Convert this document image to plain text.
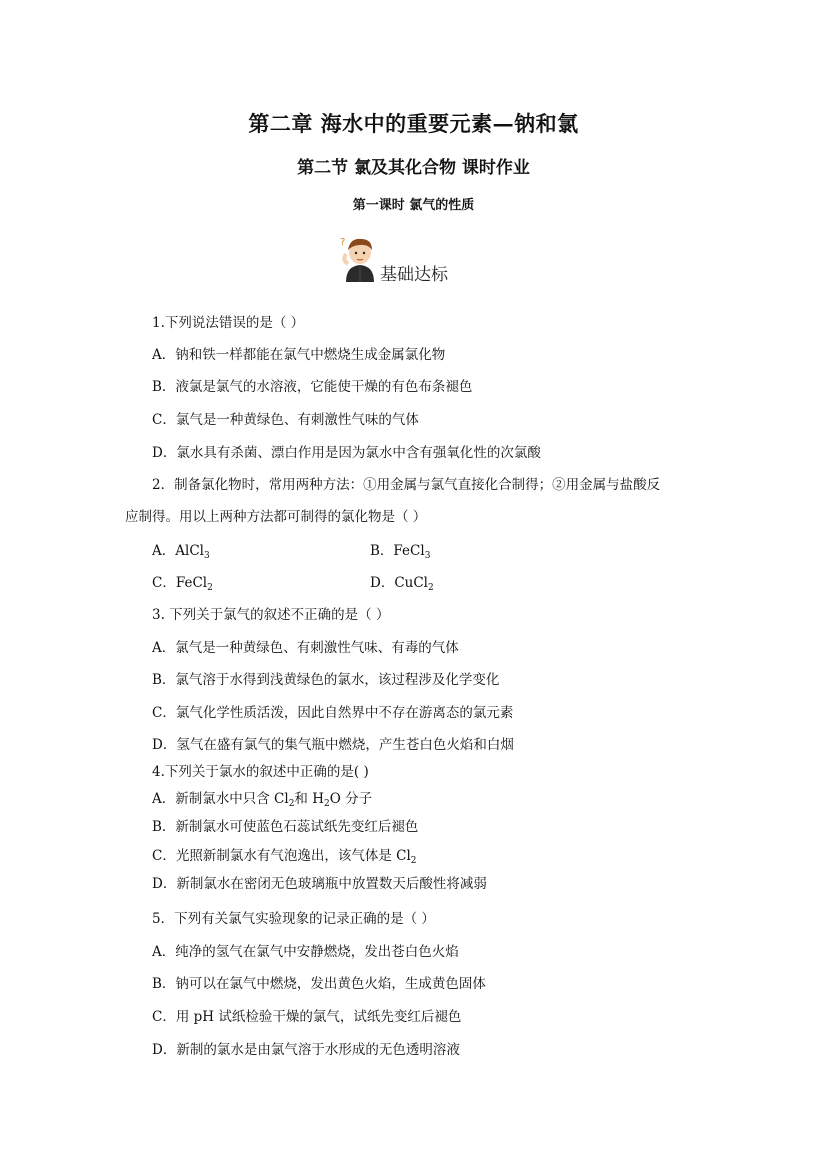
第二章 海水中的重要元素—钠和氯
第二节 氯及其化合物 课时作业
第一课时 氯气的性质
?
基础达标
1.下列说法错误的是（ ）
A．钠和铁一样都能在氯气中燃烧生成金属氯化物
B．液氯是氯气的水溶液，它能使干燥的有色布条褪色
C．氯气是一种黄绿色、有刺激性气味的气体
D．氯水具有杀菌、漂白作用是因为氯水中含有强氧化性的次氯酸
2．制备氯化物时，常用两种方法：①用金属与氯气直接化合制得；②用金属与盐酸反
应制得。用以上两种方法都可制得的氯化物是（ ）
A．AlCl$_3$	B．FeCl$_3$
C．FeCl$_2$	D．CuCl$_2$
3. 下列关于氯气的叙述不正确的是（ ）
A．氯气是一种黄绿色、有刺激性气味、有毒的气体
B．氯气溶于水得到浅黄绿色的氯水，该过程涉及化学变化
C．氯气化学性质活泼，因此自然界中不存在游离态的氯元素
D．氢气在盛有氯气的集气瓶中燃烧，产生苍白色火焰和白烟
4.下列关于氯水的叙述中正确的是( )
A．新制氯水中只含 $Cl_2$和 $H_2O$ 分子
B．新制氯水可使蓝色石蕊试纸先变红后褪色
C．光照新制氯水有气泡逸出，该气体是 $Cl_2$
D．新制氯水在密闭无色玻璃瓶中放置数天后酸性将减弱
5．下列有关氯气实验现象的记录正确的是（ ）
A．纯净的氢气在氯气中安静燃烧，发出苍白色火焰
B．钠可以在氯气中燃烧，发出黄色火焰，生成黄色固体
C．用 pH 试纸检验干燥的氯气，试纸先变红后褪色
D．新制的氯水是由氯气溶于水形成的无色透明溶液
